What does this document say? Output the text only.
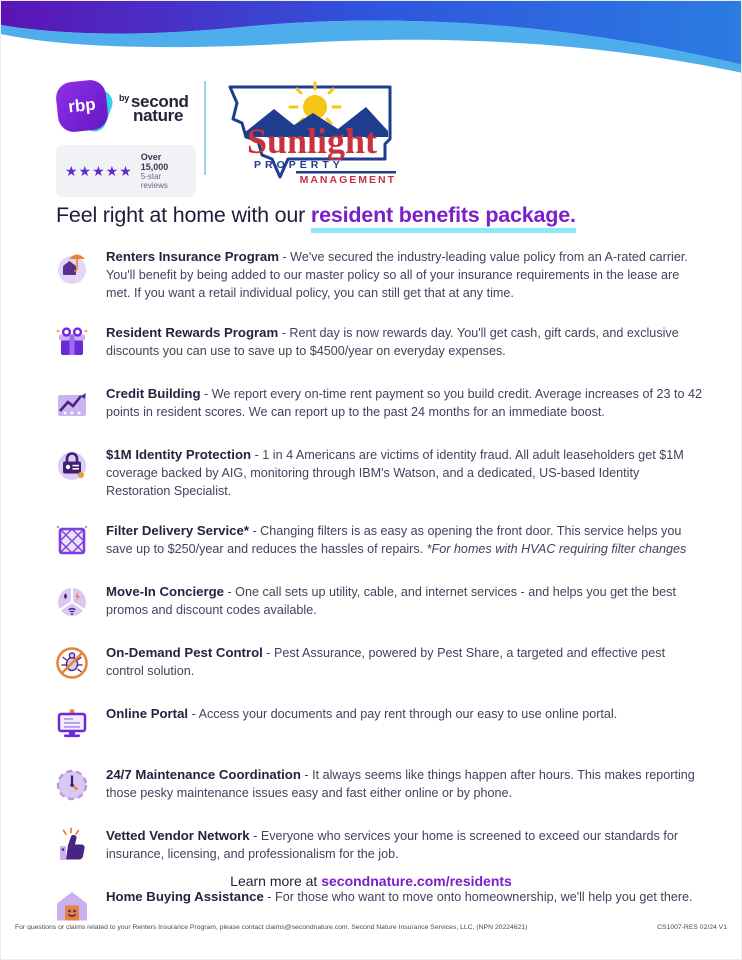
rbp	$^{by}$ second
nature
★★★★★
Over 15,000
5-star reviews
Sunlight
PROPERTY
MANAGEMENT
Feel right at home with our resident benefits package.

Renters Insurance Program - We've secured the industry-leading value policy from an A-rated carrier. You'll benefit by being added to our master policy so all of your insurance requirements in the lease are met. If you want a retail individual policy, you can still get that at any time.

Resident Rewards Program - Rent day is now rewards day. You'll get cash, gift cards, and exclusive discounts you can use to save up to $4500/year on everyday expenses.

Credit Building - We report every on-time rent payment so you build credit. Average increases of 23 to 42 points in resident scores. We can report up to the past 24 months for an immediate boost.

$1M Identity Protection - 1 in 4 Americans are victims of identity fraud. All adult leaseholders get $1M coverage backed by AIG, monitoring through IBM's Watson, and a dedicated, US-based Identity Restoration Specialist.

Filter Delivery Service* - Changing filters is as easy as opening the front door. This service helps you save up to $250/year and reduces the hassles of repairs. *For homes with HVAC requiring filter changes

Move-In Concierge - One call sets up utility, cable, and internet services - and helps you get the best promos and discount codes available.

On-Demand Pest Control - Pest Assurance, powered by Pest Share, a targeted and effective pest control solution.

Online Portal - Access your documents and pay rent through our easy to use online portal.

24/7 Maintenance Coordination - It always seems like things happen after hours. This makes reporting those pesky maintenance issues easy and fast either online or by phone.

Vetted Vendor Network - Everyone who services your home is screened to exceed our standards for insurance, licensing, and professionalism for the job.

Home Buying Assistance - For those who want to move onto homeownership, we'll help you get there.

Learn more at secondnature.com/residents
For questions or claims related to your Renters Insurance Program, please contact claims@secondnature.com. Second Nature Insurance Services, LLC. (NPN 20224621)	CS1007-RES 02/24 V1
